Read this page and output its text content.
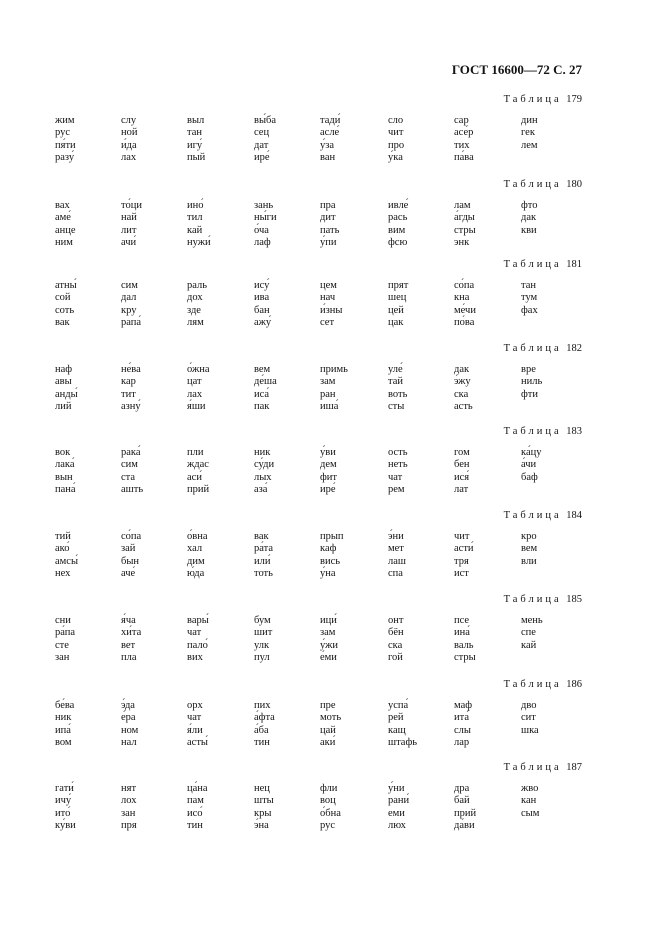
ГОСТ 16600—72 С. 27
Таблица 179
жим
рус
пя́ти
разу́
слу
ной
и́да
лах
выл
тан
игу́
пый
вы́ба
сец
дат
ире́
тади́
асле́
у́за
ван
сло
чит
про
у́ка
сар
асе́р
тих
па́ва
дин
гек
лем
Таблица 180
вах
аме́
анце
ним
то́ци
най
лит
ачи́
ино́
тил
кай
нужи́
зань
ны́ги
о́ча
лаф
пра
дит
пать
у́пи
ивле́
рась
вим
фсю
лам
а́гды
стры
энк
фто
дак
кви
Таблица 181
атны́
сой
соть
вак
сим
дал
кру
рапа́
раль
дох
зде
лям
ису́
ива
бан
ажу́
цем
нач
и́зны
сет
прят
шец
цей
цак
со́па
кна
ме́чи
по́ва
тан
тум
фах
Таблица 182
наф
авы
анды́
лий
не́ва
кар
тит
азну́
о́жна
цат
лах
я́ши
вем
де́ша
иса́
пак
примь
зам
ран
иша́
уле́
тай
воть
сты
дак
э́жу
ска
асть
вре
ниль
фти
Таблица 183
вок
лака́
вын
пана́
рака́
сим
ста
ашть
пли
ждас
аси́
прий
ник
су́ди
лых
аза́
у́ви
дем
фит
ире́
ость
неть
чат
рем
гом
бен
ися́
лат
ка́цу
а́чи
баф
Таблица 184
тий
ако́
амсы́
нех
со́па
зай
бын
аче́
о́вна
хал
дим
ю́да
вак
ра́та
или́
тоть
прып
каф
вись
у́на
э́ни
мет
лаш
спа
чит
асти́
тря
ист
кро
вем
вли
Таблица 185
сни
ра́па
сте
зан
я́ча
хи́та
вет
пла
вары́
чат
пало́
вих
бум
шит
улк
пул
ици́
зам
у́жи
е́ми
онт
бён
ска
гой
псе
ина́
валь
стры
мень
спе
кай
Таблица 186
бе́ва
ник
ипа́
вом
э́да
е́ра
ном
нал
орх
чат
я́ли
асты́
пих
а́фта
а́ба
тин
пре
моть
цай
аки́
успа́
рей
кащ
штафь
маф
ита́
слы
лар
дво
сит
шка
Таблица 187
гати́
ичу́
ито́
ку́ви
нят
лох
зан
пря
ца́на
пам
исо́
тин
нец
шты
кры
э́на
фли
воц
о́бна
рус
у́ни
рани́
еми
люх
дра
бай
прий
да́ви
жво
кан
сым
